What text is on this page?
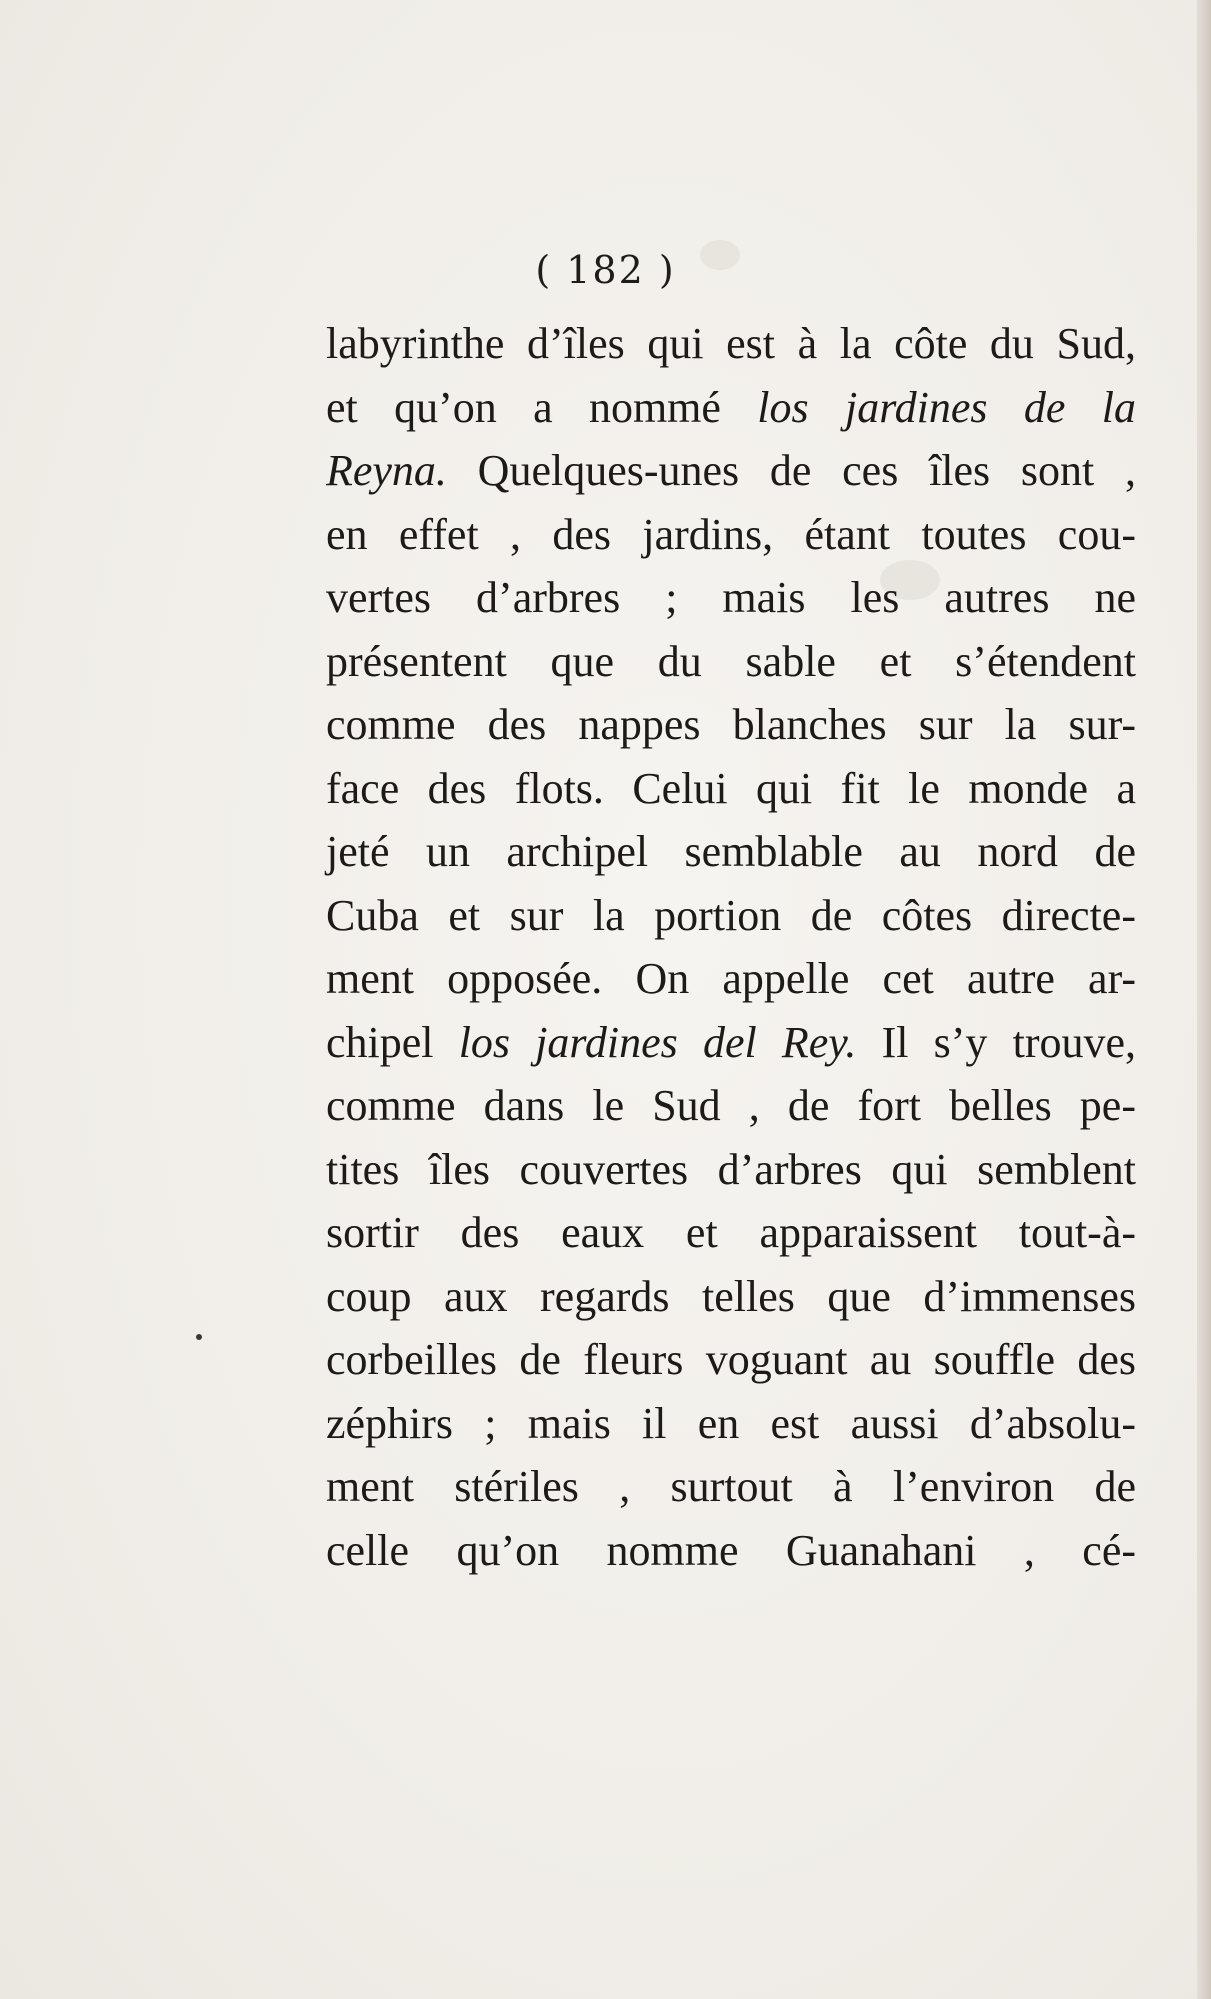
( 182 )
labyrinthe d’îles qui est à la côte du Sud,
et qu’on a nommé los jardines de la
Reyna. Quelques-unes de ces îles sont ,
en effet , des jardins, étant toutes cou-
vertes d’arbres ; mais les autres ne
présentent que du sable et s’étendent
comme des nappes blanches sur la sur-
face des flots. Celui qui fit le monde a
jeté un archipel semblable au nord de
Cuba et sur la portion de côtes directe-
ment opposée. On appelle cet autre ar-
chipel los jardines del Rey. Il s’y trouve,
comme dans le Sud , de fort belles pe-
tites îles couvertes d’arbres qui semblent
sortir des eaux et apparaissent tout-à-
coup aux regards telles que d’immenses
corbeilles de fleurs voguant au souffle des
zéphirs ; mais il en est aussi d’absolu-
ment stériles , surtout à l’environ de
celle qu’on nomme Guanahani , cé-
